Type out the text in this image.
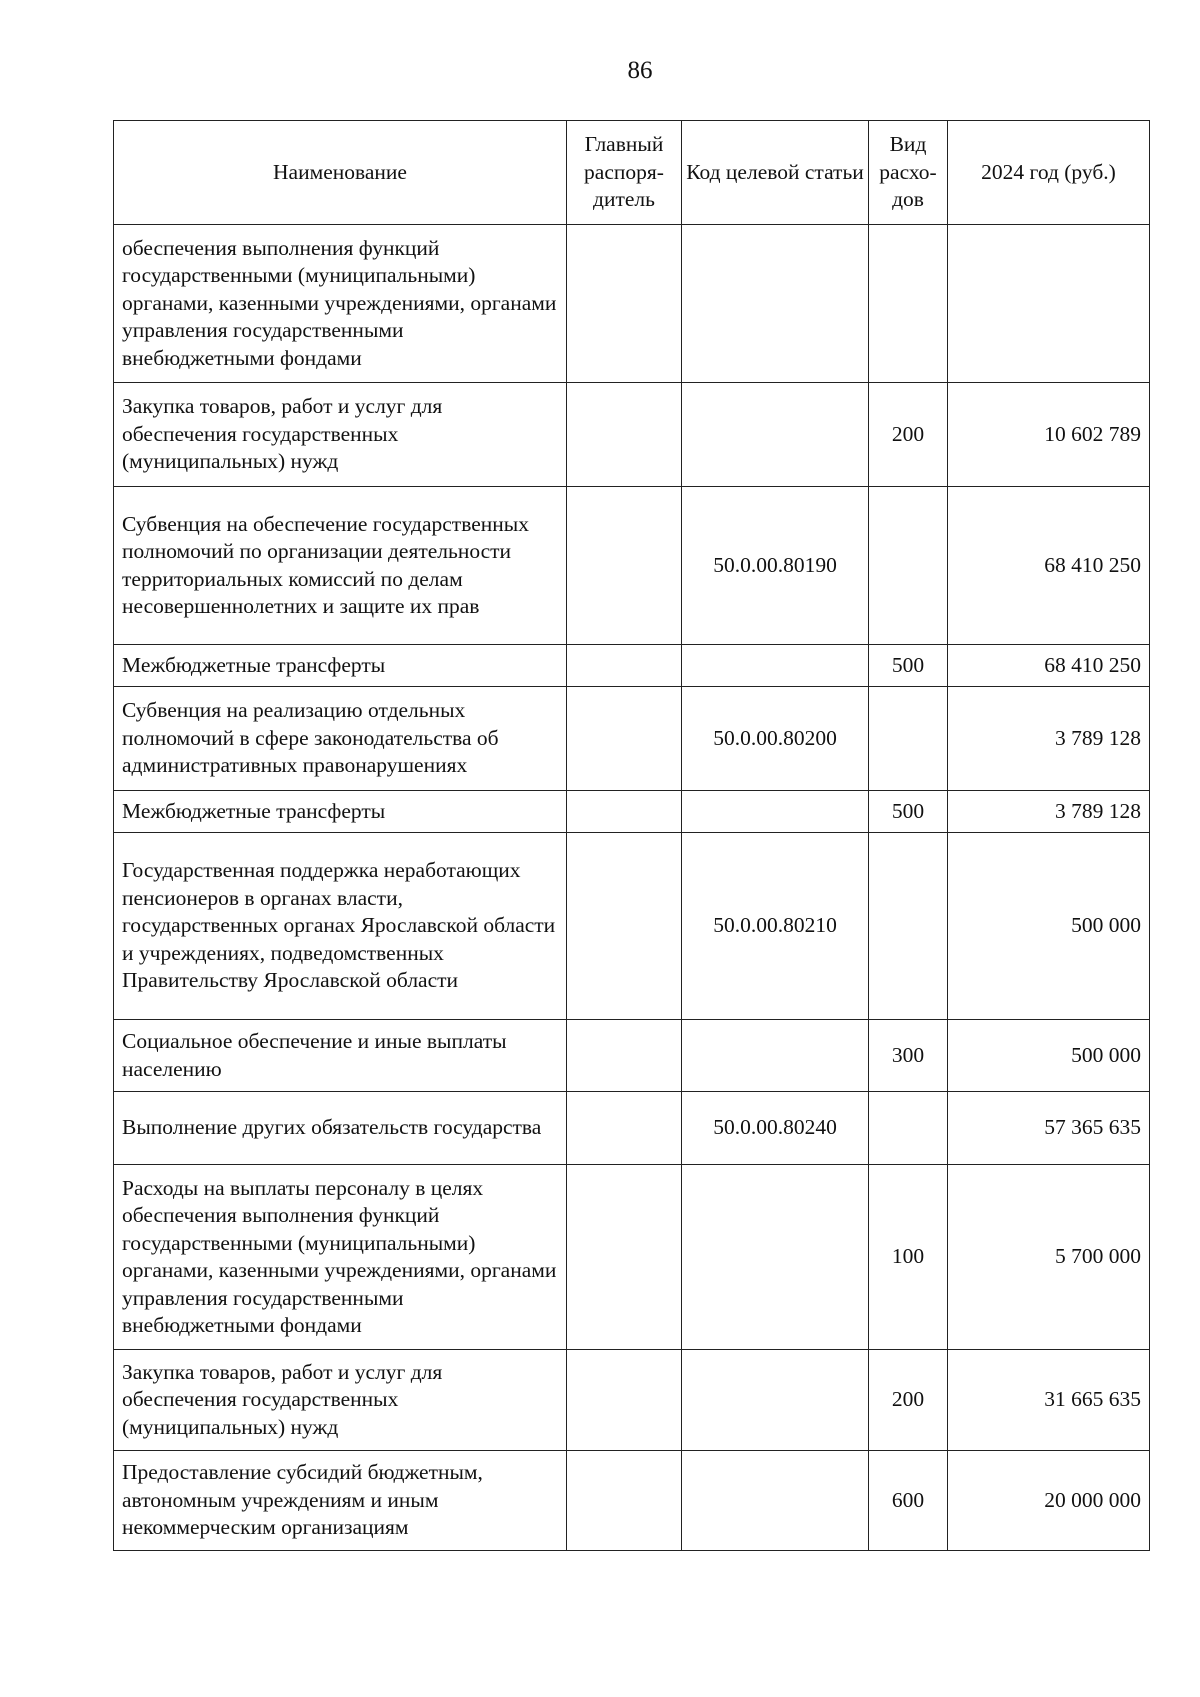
86
Наименование	Главный распоря-дитель	Код целевой статьи	Вид расхо-дов	2024 год (руб.)
обеспечения выполнения функций государственными (муниципальными) органами, казенными учреждениями, органами управления государственными внебюджетными фондами				
Закупка товаров, работ и услуг для обеспечения государственных (муниципальных) нужд			200	10 602 789
Субвенция на обеспечение государственных полномочий по организации деятельности территориальных комиссий по делам несовершеннолетних и защите их прав		50.0.00.80190		68 410 250
Межбюджетные трансферты			500	68 410 250
Субвенция на реализацию отдельных полномочий в сфере законодательства об административных правонарушениях		50.0.00.80200		3 789 128
Межбюджетные трансферты			500	3 789 128
Государственная поддержка неработающих пенсионеров в органах власти, государственных органах Ярославской области и учреждениях, подведомственных Правительству Ярославской области		50.0.00.80210		500 000
Социальное обеспечение и иные выплаты населению			300	500 000
Выполнение других обязательств государства		50.0.00.80240		57 365 635
Расходы на выплаты персоналу в целях обеспечения выполнения функций государственными (муниципальными) органами, казенными учреждениями, органами управления государственными внебюджетными фондами			100	5 700 000
Закупка товаров, работ и услуг для обеспечения государственных (муниципальных) нужд			200	31 665 635
Предоставление субсидий бюджетным, автономным учреждениям и иным некоммерческим организациям			600	20 000 000
